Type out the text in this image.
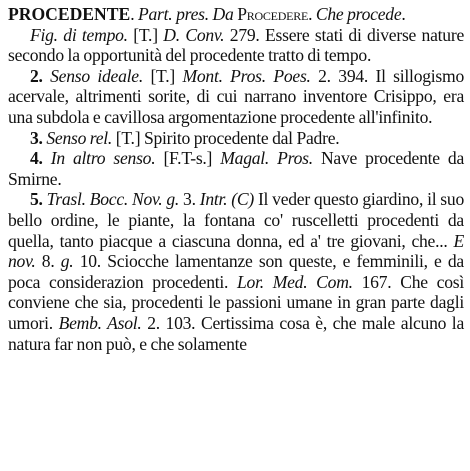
PROCEDENTE. Part. pres. Da Procedere. Che procede.

Fig. di tempo. [T.] D. Conv. 279. Essere stati di diverse nature secondo la opportunità del procedente tratto di tempo.

2. Senso ideale. [T.] Mont. Pros. Poes. 2. 394. Il sillogismo acervale, altrimenti sorite, di cui narrano inventore Crisippo, era una subdola e cavillosa argomentazione procedente all'infinito.

3. Senso rel. [T.] Spirito procedente dal Padre.

4. In altro senso. [F.T-s.] Magal. Pros. Nave procedente da Smirne.

5. Trasl. Bocc. Nov. g. 3. Intr. (C) Il veder questo giardino, il suo bello ordine, le piante, la fontana co' ruscelletti procedenti da quella, tanto piacque a ciascuna donna, ed a' tre giovani, che... E nov. 8. g. 10. Sciocche lamentanze son queste, e femminili, e da poca considerazion procedenti. Lor. Med. Com. 167. Che così conviene che sia, procedenti le passioni umane in gran parte dagli umori. Bemb. Asol. 2. 103. Certissima cosa è, che male alcuno la natura far non può, e che solamente
